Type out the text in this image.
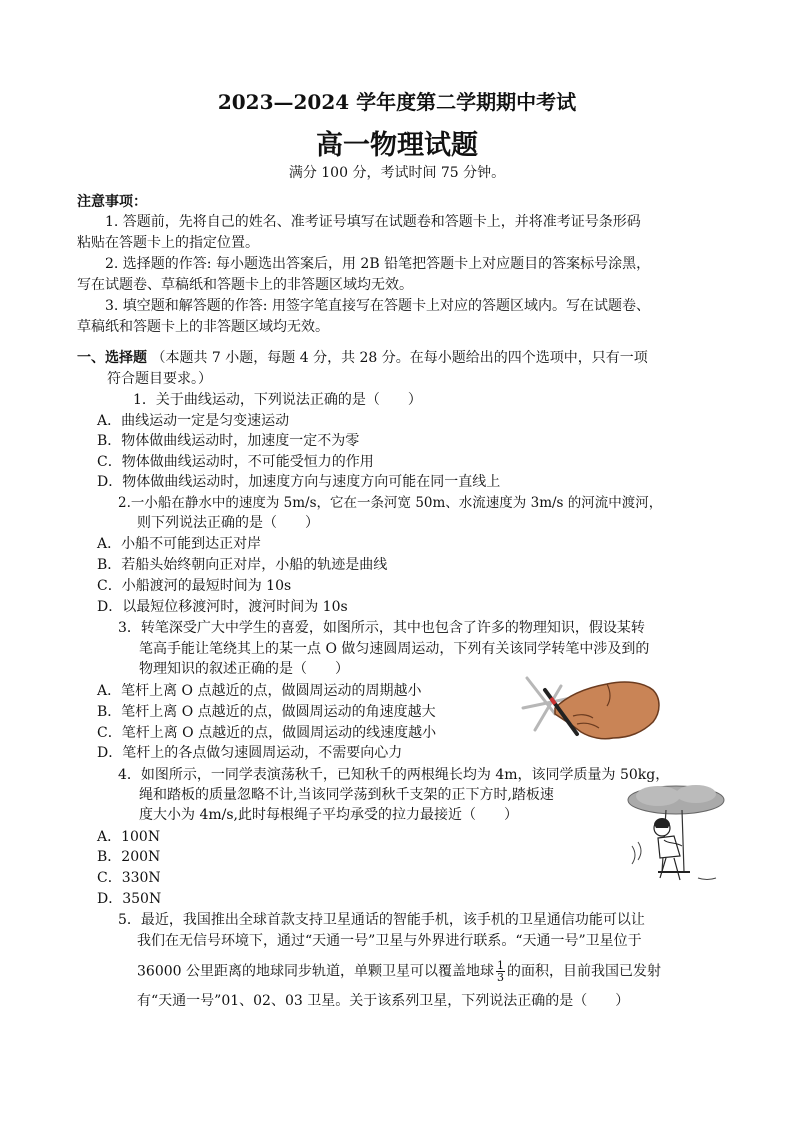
2023—2024 学年度第二学期期中考试
高一物理试题
满分 100 分，考试时间 75 分钟。
注意事项：
1. 答题前，先将自己的姓名、准考证号填写在试题卷和答题卡上，并将准考证号条形码
粘贴在答题卡上的指定位置。
2. 选择题的作答: 每小题选出答案后，用 2B 铅笔把答题卡上对应题目的答案标号涂黑，
写在试题卷、草稿纸和答题卡上的非答题区域均无效。
3. 填空题和解答题的作答: 用签字笔直接写在答题卡上对应的答题区域内。写在试题卷、
草稿纸和答题卡上的非答题区域均无效。
一、选择题 （本题共 7 小题，每题 4 分，共 28 分。在每小题给出的四个选项中，只有一项
符合题目要求。）
1．关于曲线运动，下列说法正确的是（　　）
A．曲线运动一定是匀变速运动
B．物体做曲线运动时，加速度一定不为零
C．物体做曲线运动时，不可能受恒力的作用
D．物体做曲线运动时，加速度方向与速度方向可能在同一直线上
2.一小船在静水中的速度为 5m/s，它在一条河宽 50m、水流速度为 3m/s 的河流中渡河，
则下列说法正确的是（　　）
A．小船不可能到达正对岸
B．若船头始终朝向正对岸，小船的轨迹是曲线
C．小船渡河的最短时间为 10s
D．以最短位移渡河时，渡河时间为 10s
3．转笔深受广大中学生的喜爱，如图所示，其中也包含了许多的物理知识，假设某转
笔高手能让笔绕其上的某一点 O 做匀速圆周运动，下列有关该同学转笔中涉及到的
物理知识的叙述正确的是（　　）
A．笔杆上离 O 点越近的点，做圆周运动的周期越小
B．笔杆上离 O 点越近的点，做圆周运动的角速度越大
C．笔杆上离 O 点越近的点，做圆周运动的线速度越小
D．笔杆上的各点做匀速圆周运动，不需要向心力
4．如图所示，一同学表演荡秋千，已知秋千的两根绳长均为 4m，该同学质量为 50kg，
绳和踏板的质量忽略不计,当该同学荡到秋千支架的正下方时,踏板速
度大小为 4m/s,此时每根绳子平均承受的拉力最接近（　　）
A．100N
B．200N
C．330N
D．350N
5．最近，我国推出全球首款支持卫星通话的智能手机，该手机的卫星通信功能可以让
我们在无信号环境下，通过“天通一号”卫星与外界进行联系。“天通一号”卫星位于
36000 公里距离的地球同步轨道，单颗卫星可以覆盖地球 $\frac{1}{3}$ 的面积，目前我国已发射
有“天通一号”01、02、03 卫星。关于该系列卫星，下列说法正确的是（　　）
